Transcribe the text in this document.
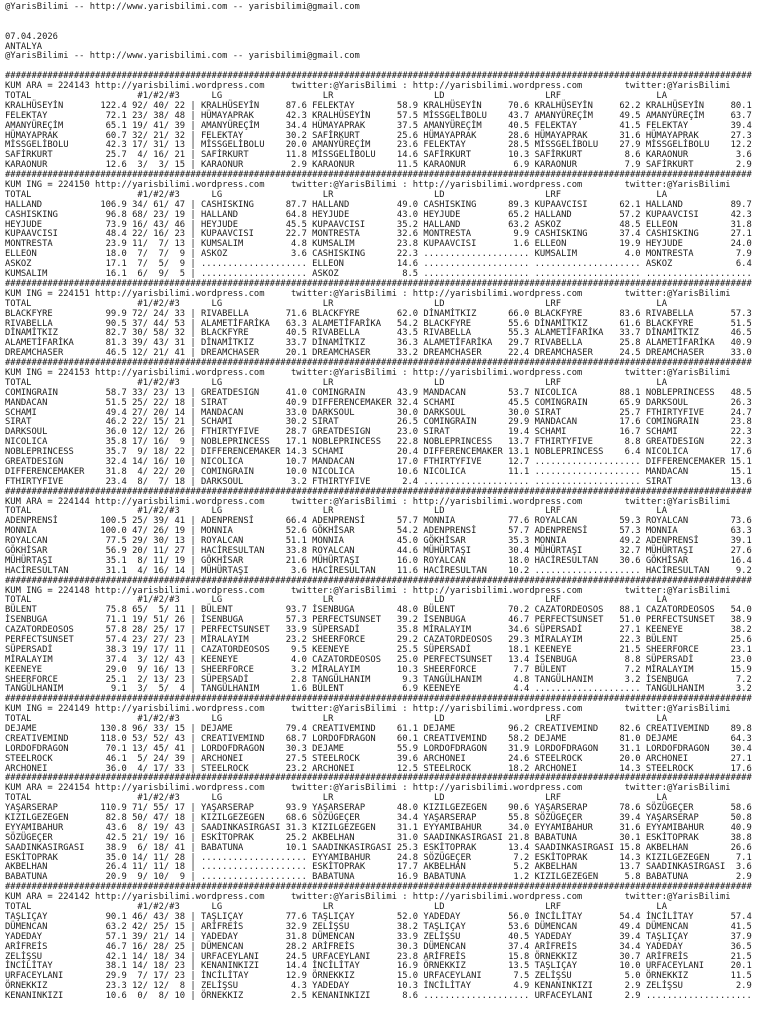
@YarisBilimi -- http://www.yarisbilimi.com -- yarisbilimi@gmail.com
07.04.2026
ANTALYA
@YarisBilimi -- http://www.yarisbilimi.com -- yarisbilimi@gmail.com
#############################################################################################################################################
KUM ARA = 224143 http://yarisbilimi.wordpress.com     twitter:@YarisBilimi : http://yarisbilimi.wordpress.com        twitter:@YarisBilimi
TOTAL                    #1/#2/#3      LG                   LR                   LD                   LRF                  LA
KRALHÜSEYİN       122.4 92/ 40/ 22 | KRALHÜSEYİN     87.6 FELEKTAY        58.9 KRALHÜSEYİN     70.6 KRALHÜSEYİN     62.2 KRALHÜSEYİN     80.1
FELEKTAY           72.1 23/ 38/ 48 | HÜMAYAPRAK      42.3 KRALHÜSEYİN     57.5 MİSSGELİBOLU    43.7 AMANYÜREÇİM     49.5 AMANYÜREÇİM     63.7
AMANYÜREÇİM        65.1 19/ 41/ 39 | AMANYÜREÇİM     34.4 HÜMAYAPRAK      37.5 AMANYÜREÇİM     40.5 FELEKTAY        41.5 FELEKTAY        39.4
HÜMAYAPRAK         60.7 32/ 21/ 32 | FELEKTAY        30.2 SAFİRKURT       25.6 HÜMAYAPRAK      28.6 HÜMAYAPRAK      31.6 HÜMAYAPRAK      27.3
MİSSGELİBOLU       42.3 17/ 31/ 13 | MİSSGELİBOLU    20.0 AMANYÜREÇİM     23.6 FELEKTAY        28.5 MİSSGELİBOLU    27.9 MİSSGELİBOLU    12.2
SAFİRKURT          25.7  4/ 16/ 21 | SAFİRKURT       11.8 MİSSGELİBOLU    14.6 SAFİRKURT       10.3 SAFİRKURT        8.6 KARAONUR         3.6
KARAONUR           12.6  3/  3/ 15 | KARAONUR         2.9 KARAONUR        11.5 KARAONUR         6.9 KARAONUR         7.9 SAFİRKURT        2.9
#############################################################################################################################################
KUM ING = 224150 http://yarisbilimi.wordpress.com     twitter:@YarisBilimi : http://yarisbilimi.wordpress.com        twitter:@YarisBilimi
TOTAL                    #1/#2/#3      LG                   LR                   LD                   LRF                  LA
HALLAND           106.9 34/ 61/ 47 | CASHISKING      87.7 HALLAND         49.0 CASHISKING      89.3 KUPAAVCISI      62.1 HALLAND         89.7
CASHISKING         96.8 68/ 23/ 19 | HALLAND         64.8 HEYJUDE         43.0 HEYJUDE         65.2 HALLAND         57.2 KUPAAVCISI      42.3
HEYJUDE            73.9 16/ 43/ 46 | HEYJUDE         45.5 KUPAAVCISI      35.2 HALLAND         63.2 ASKOZ           48.5 ELLEON          31.8
KUPAAVCISI         48.4 22/ 16/ 23 | KUPAAVCISI      22.7 MONTRESTA       32.6 MONTRESTA        9.9 CASHISKING      37.4 CASHISKING      27.1
MONTRESTA          23.9 11/  7/ 13 | KUMSALIM         4.8 KUMSALIM        23.8 KUPAAVCISI       1.6 ELLEON          19.9 HEYJUDE         24.0
ELLEON             18.0  7/  7/  9 | ASKOZ            3.6 CASHISKING      22.3 .................... KUMSALIM         4.0 MONTRESTA        7.9
ASKOZ              17.1  7/  5/  9 | .................... ELLEON          14.6 .................... .................... ASKOZ            6.4
KUMSALIM           16.1  6/  9/  5 | .................... ASKOZ            8.5 .................... .................... ....................
#############################################################################################################################################
KUM ING = 224151 http://yarisbilimi.wordpress.com     twitter:@YarisBilimi : http://yarisbilimi.wordpress.com        twitter:@YarisBilimi
TOTAL                    #1/#2/#3      LG                   LR                   LD                   LRF                  LA
BLACKFYRE          99.9 72/ 24/ 33 | RIVABELLA       71.6 BLACKFYRE       62.0 DİNAMİTKIZ      66.0 BLACKFYRE       83.6 RIVABELLA       57.3
RIVABELLA          90.5 37/ 44/ 53 | ALAMETİFARİKA   63.3 ALAMETİFARİKA   54.2 BLACKFYRE       55.6 DİNAMİTKIZ      61.6 BLACKFYRE       51.5
DİNAMİTKIZ         82.7 30/ 58/ 32 | BLACKFYRE       40.5 RIVABELLA       43.5 RIVABELLA       55.3 ALAMETİFARİKA   33.7 DİNAMİTKIZ      46.5
ALAMETİFARİKA      81.3 39/ 43/ 31 | DİNAMİTKIZ      33.7 DİNAMİTKIZ      36.3 ALAMETİFARİKA   29.7 RIVABELLA       25.8 ALAMETİFARİKA   40.9
DREAMCHASER        46.5 12/ 21/ 41 | DREAMCHASER     20.1 DREAMCHASER     33.2 DREAMCHASER     22.4 DREAMCHASER     24.5 DREAMCHASER     33.0
#############################################################################################################################################
KUM ING = 224153 http://yarisbilimi.wordpress.com     twitter:@YarisBilimi : http://yarisbilimi.wordpress.com        twitter:@YarisBilimi
TOTAL                    #1/#2/#3      LG                   LR                   LD                   LRF                  LA
COMINGRAIN         58.7 33/ 23/ 13 | GREATDESIGN     41.0 COMINGRAIN      43.9 MANDACAN        53.7 NICOLICA        88.1 NOBLEPRINCESS   48.5
MANDACAN           51.5 25/ 22/ 18 | SIRAT           40.9 DIFFERENCEMAKER 32.4 SCHAMI          45.5 COMINGRAIN      65.9 DARKSOUL        26.3
SCHAMI             49.4 27/ 20/ 14 | MANDACAN        33.0 DARKSOUL        30.0 DARKSOUL        30.0 SIRAT           25.7 FTHIRTYFIVE     24.7
SIRAT              46.2 22/ 15/ 21 | SCHAMI          30.2 SIRAT           26.5 COMINGRAIN      29.9 MANDACAN        17.6 COMINGRAIN      23.8
DARKSOUL           36.0 12/ 12/ 26 | FTHIRTYFIVE     28.7 GREATDESIGN     23.0 SIRAT           19.4 SCHAMI          16.7 SCHAMI          22.3
NICOLICA           35.8 17/ 16/  9 | NOBLEPRINCESS   17.1 NOBLEPRINCESS   22.8 NOBLEPRINCESS   13.7 FTHIRTYFIVE      8.8 GREATDESIGN     22.3
NOBLEPRINCESS      35.7  9/ 18/ 22 | DIFFERENCEMAKER 14.3 SCHAMI          20.4 DIFFERENCEMAKER 13.1 NOBLEPRINCESS    6.4 NICOLICA        17.6
GREATDESIGN        32.4 14/ 16/ 10 | NICOLICA        10.7 MANDACAN        17.0 FTHIRTYFIVE     12.7 .................... DIFFERENCEMAKER 15.1
DIFFERENCEMAKER    31.8  4/ 22/ 20 | COMINGRAIN      10.0 NICOLICA        10.6 NICOLICA        11.1 .................... MANDACAN        15.1
FTHIRTYFIVE        23.4  8/  7/ 18 | DARKSOUL         3.2 FTHIRTYFIVE      2.4 .................... .................... SIRAT           13.6
#############################################################################################################################################
KUM ARA = 224144 http://yarisbilimi.wordpress.com     twitter:@YarisBilimi : http://yarisbilimi.wordpress.com        twitter:@YarisBilimi
TOTAL                    #1/#2/#3      LG                   LR                   LD                   LRF                  LA
ADENPRENSİ        100.5 25/ 39/ 41 | ADENPRENSİ      66.4 ADENPRENSİ      57.7 MONNIA          77.6 ROYALCAN        59.3 ROYALCAN        73.6
MONNIA            100.0 47/ 26/ 19 | MONNIA          52.6 GÖKHİSAR        54.2 ADENPRENSİ      57.7 ADENPRENSİ      57.3 MONNIA          63.3
ROYALCAN           77.5 29/ 30/ 13 | ROYALCAN        51.1 MONNIA          45.0 GÖKHİSAR        35.3 MONNIA          49.2 ADENPRENSİ      39.1
GÖKHİSAR           56.9 20/ 11/ 27 | HACİRESULTAN    33.8 ROYALCAN        44.6 MÜHÜRTAŞI       30.4 MÜHÜRTAŞI       32.7 MÜHÜRTAŞI       27.6
MÜHÜRTAŞI          35.1  8/ 11/ 19 | GÖKHİSAR        21.6 MÜHÜRTAŞI       16.0 ROYALCAN        18.0 HACİRESULTAN    30.6 GÖKHİSAR        16.4
HACİRESULTAN       31.1  4/ 16/ 14 | MÜHÜRTAŞI        3.6 HACİRESULTAN    11.6 HACİRESULTAN    10.2 .................... HACİRESULTAN     9.2
#############################################################################################################################################
KUM ING = 224148 http://yarisbilimi.wordpress.com     twitter:@YarisBilimi : http://yarisbilimi.wordpress.com        twitter:@YarisBilimi
TOTAL                    #1/#2/#3      LG                   LR                   LD                   LRF                  LA
BÜLENT             75.8 65/  5/ 11 | BÜLENT          93.7 İSENBUGA        48.0 BÜLENT          70.2 CAZATORDEOSOS   88.1 CAZATORDEOSOS   54.0
İSENBUGA           71.1 19/ 51/ 26 | İSENBUGA        57.3 PERFECTSUNSET   39.2 İSENBUGA        46.7 PERFECTSUNSET   51.0 PERFECTSUNSET   38.9
CAZATORDEOSOS      57.8 28/ 25/ 17 | PERFECTSUNSET   33.9 SÜPERSADİ       35.8 MİRALAYIM       34.6 SÜPERSADİ       27.1 KEENEYE         38.2
PERFECTSUNSET      57.4 23/ 27/ 23 | MİRALAYIM       23.2 SHEERFORCE      29.2 CAZATORDEOSOS   29.3 MİRALAYIM       22.3 BÜLENT          25.6
SÜPERSADİ          38.3 19/ 17/ 11 | CAZATORDEOSOS    9.5 KEENEYE         25.5 SÜPERSADİ       18.1 KEENEYE         21.5 SHEERFORCE      23.1
MİRALAYIM          37.4  3/ 12/ 43 | KEENEYE          4.0 CAZATORDEOSOS   25.0 PERFECTSUNSET   13.4 İSENBUGA         8.8 SÜPERSADİ       23.0
KEENEYE            29.0  9/ 16/ 13 | SHEERFORCE       3.2 MİRALAYIM       10.3 SHEERFORCE       7.7 BÜLENT           7.2 MİRALAYIM       15.9
SHEERFORCE         25.1  2/ 13/ 23 | SÜPERSADİ        2.8 TANGÜLHANIM      9.3 TANGÜLHANIM      4.8 TANGÜLHANIM      3.2 İSENBUGA         7.2
TANGÜLHANIM         9.1  3/  5/  4 | TANGÜLHANIM      1.6 BÜLENT           6.9 KEENEYE          4.4 .................... TANGÜLHANIM      3.2
#############################################################################################################################################
KUM ING = 224149 http://yarisbilimi.wordpress.com     twitter:@YarisBilimi : http://yarisbilimi.wordpress.com        twitter:@YarisBilimi
TOTAL                    #1/#2/#3      LG                   LR                   LD                   LRF                  LA
DEJAME            130.8 96/ 33/ 15 | DEJAME          79.4 CREATIVEMIND    61.1 DEJAME          96.2 CREATIVEMIND    82.6 CREATIVEMIND    89.8
CREATIVEMIND      118.0 53/ 52/ 43 | CREATIVEMIND    68.7 LORDOFDRAGON    60.1 CREATIVEMIND    58.2 DEJAME          81.0 DEJAME          64.3
LORDOFDRAGON       70.1 13/ 45/ 41 | LORDOFDRAGON    30.3 DEJAME          55.9 LORDOFDRAGON    31.9 LORDOFDRAGON    31.1 LORDOFDRAGON    30.4
STEELROCK          46.1  5/ 24/ 39 | ARCHONEI        27.5 STEELROCK       39.6 ARCHONEI        24.6 STEELROCK       20.0 ARCHONEI        27.1
ARCHONEI           36.0  4/ 17/ 33 | STEELROCK       23.2 ARCHONEI        12.5 STEELROCK       18.2 ARCHONEI        14.3 STEELROCK       17.6
#############################################################################################################################################
KUM ARA = 224154 http://yarisbilimi.wordpress.com     twitter:@YarisBilimi : http://yarisbilimi.wordpress.com        twitter:@YarisBilimi
TOTAL                    #1/#2/#3      LG                   LR                   LD                   LRF                  LA
YAŞARSERAP        110.9 71/ 55/ 17 | YAŞARSERAP      93.9 YAŞARSERAP      48.0 KIZILGEZEGEN    90.6 YAŞARSERAP      78.6 SÖZÜGEÇER       58.6
KIZILGEZEGEN       82.8 50/ 47/ 18 | KIZILGEZEGEN    68.6 SÖZÜGEÇER       34.4 YAŞARSERAP      55.8 SÖZÜGEÇER       39.4 YAŞARSERAP      50.8
EYYAMIBAHUR        43.6  8/ 19/ 43 | SAADINKASIRGASI 31.3 KIZILGEZEGEN    31.1 EYYAMIBAHUR     34.0 EYYAMIBAHUR     31.6 EYYAMIBAHUR     40.9
SÖZÜGEÇER          42.5 21/ 19/ 16 | ESKİTOPRAK      25.2 AKBELHAN        31.0 SAADINKASIRGASI 21.8 BABATUNA        30.1 ESKİTOPRAK      38.8
SAADINKASIRGASI    38.9  6/ 18/ 41 | BABATUNA        10.1 SAADINKASIRGASI 25.3 ESKİTOPRAK      13.4 SAADINKASIRGASI 15.8 AKBELHAN        26.6
ESKİTOPRAK         35.0 14/ 11/ 28 | .................... EYYAMIBAHUR     24.8 SÖZÜGEÇER        7.2 ESKİTOPRAK      14.3 KIZILGEZEGEN     7.1
AKBELHAN           26.4 11/ 11/ 18 | .................... ESKİTOPRAK      17.7 AKBELHAN         5.2 AKBELHAN        13.7 SAADINKASIRGASI  3.6
BABATUNA           20.9  9/ 10/  9 | .................... BABATUNA        16.9 BABATUNA         1.2 KIZILGEZEGEN     5.8 BABATUNA         2.9
#############################################################################################################################################
KUM ARA = 224142 http://yarisbilimi.wordpress.com     twitter:@YarisBilimi : http://yarisbilimi.wordpress.com        twitter:@YarisBilimi
TOTAL                    #1/#2/#3      LG                   LR                   LD                   LRF                  LA
TAŞLIÇAY           90.1 46/ 43/ 38 | TAŞLIÇAY        77.6 TAŞLIÇAY        52.0 YADEDAY         56.0 İNCİLİTAY       54.4 İNCİLİTAY       57.4
DÜMENCAN           63.2 42/ 25/ 15 | ARİFREİS        32.9 ZELİŞSU         38.2 TAŞLIÇAY        53.6 DÜMENCAN        49.4 DÜMENCAN        41.5
YADEDAY            57.1 39/ 21/ 14 | YADEDAY         31.8 DÜMENCAN        33.9 ZELİŞSU         40.5 YADEDAY         39.4 TAŞLIÇAY        37.9
ARİFREİS           46.7 16/ 28/ 25 | DÜMENCAN        28.2 ARİFREİS        30.3 DÜMENCAN        37.4 ARİFREİS        34.4 YADEDAY         36.5
ZELİŞSU            42.1 14/ 18/ 34 | URFACEYLANI     24.5 URFACEYLANI     23.8 ARİFREİS        15.8 ÖRNEKKIZ        30.7 ARİFREİS        21.5
İNCİLİTAY          38.1 14/ 18/ 23 | KENANINKIZI     14.4 İNCİLİTAY       16.9 ÖRNEKKIZ        13.5 TAŞLIÇAY        10.0 URFACEYLANI     20.1
URFACEYLANI        29.9  7/ 17/ 23 | İNCİLİTAY       12.9 ÖRNEKKIZ        15.0 URFACEYLANI      7.5 ZELİŞSU          5.0 ÖRNEKKIZ        11.5
ÖRNEKKIZ           23.3 12/ 12/  8 | ZELİŞSU          4.3 YADEDAY         10.3 İNCİLİTAY        4.9 KENANINKIZI      2.9 ZELİŞSU          2.9
KENANINKIZI        10.6  0/  8/ 10 | ÖRNEKKIZ         2.5 KENANINKIZI      8.6 .................... URFACEYLANI      2.9 ....................
